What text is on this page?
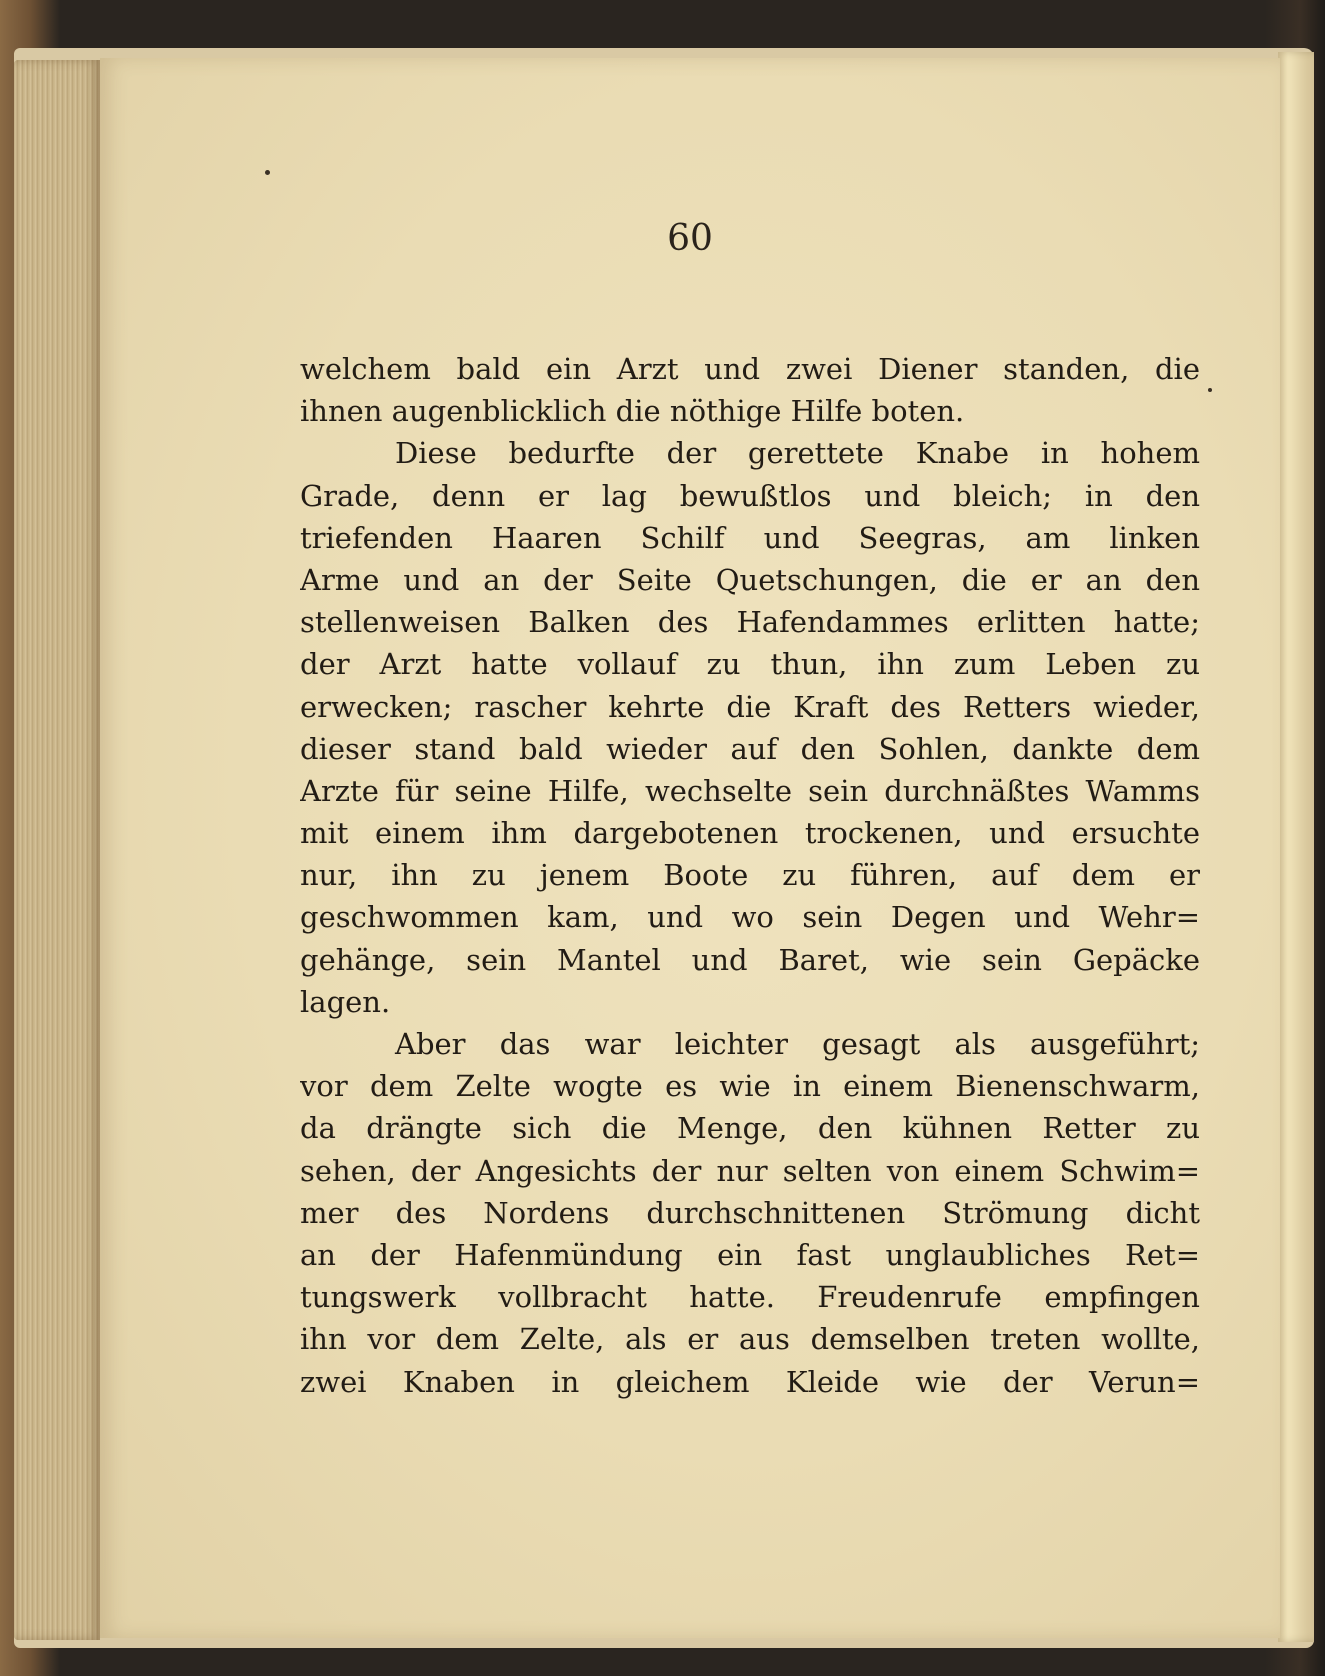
60
welchem bald ein Arzt und zwei Diener standen, die
ihnen augenblicklich die nöthige Hilfe boten.
Diese bedurfte der gerettete Knabe in hohem
Grade, denn er lag bewußtlos und bleich; in den
triefenden Haaren Schilf und Seegras, am linken
Arme und an der Seite Quetschungen, die er an den
stellenweisen Balken des Hafendammes erlitten hatte;
der Arzt hatte vollauf zu thun, ihn zum Leben zu
erwecken; rascher kehrte die Kraft des Retters wieder,
dieser stand bald wieder auf den Sohlen, dankte dem
Arzte für seine Hilfe, wechselte sein durchnäßtes Wamms
mit einem ihm dargebotenen trockenen, und ersuchte
nur, ihn zu jenem Boote zu führen, auf dem er
geschwommen kam, und wo sein Degen und Wehr=
gehänge, sein Mantel und Baret, wie sein Gepäcke
lagen.
Aber das war leichter gesagt als ausgeführt;
vor dem Zelte wogte es wie in einem Bienenschwarm,
da drängte sich die Menge, den kühnen Retter zu
sehen, der Angesichts der nur selten von einem Schwim=
mer des Nordens durchschnittenen Strömung dicht
an der Hafenmündung ein fast unglaubliches Ret=
tungswerk vollbracht hatte. Freudenrufe empfingen
ihn vor dem Zelte, als er aus demselben treten wollte,
zwei Knaben in gleichem Kleide wie der Verun=
